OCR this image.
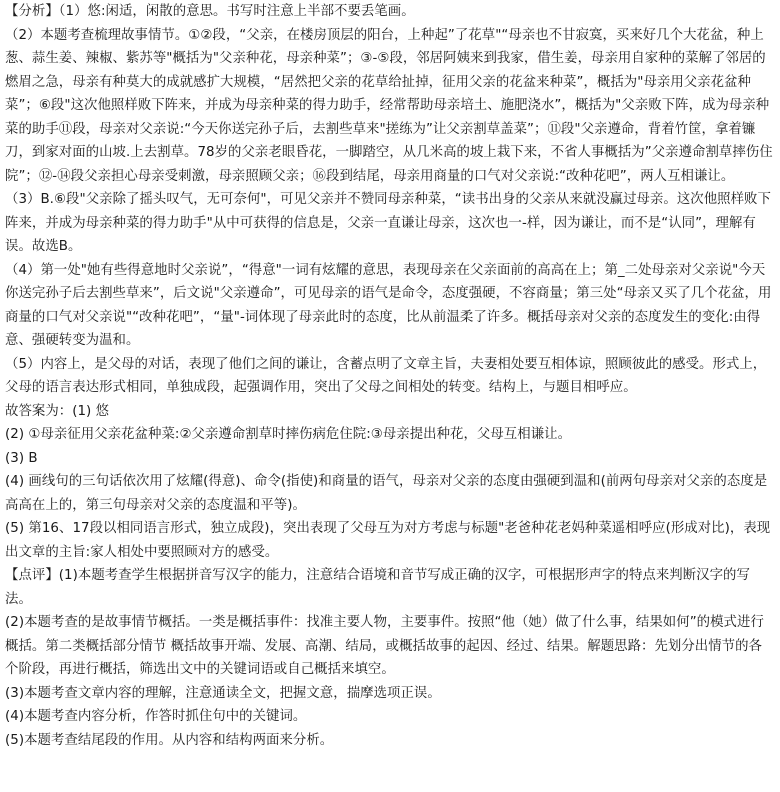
【分析】（1）悠:闲适，闲散的意思。书写时注意上半部不要丢笔画。

（2）本题考查梳理故事情节。①②段，“父亲，在楼房顶层的阳台，上种起”了花草"“母亲也不甘寂寞，买来好几个大花盆，种上葱、蒜生姜、辣椒、紫苏等"概括为"父亲种花，母亲种菜”；③-⑤段，邻居阿姨来到我家，借生姜，母亲用自家种的菜解了邻居的燃眉之急，母亲有种莫大的成就感扩大规模，“居然把父亲的花草给扯掉，征用父亲的花盆来种菜”，概括为"母亲用父亲花盆种菜”；⑥段"这次他照样败下阵来，并成为母亲种菜的得力助手，经常帮助母亲培土、施肥浇水”，概括为"父亲败下阵，成为母亲种菜的助手⑪段，母亲对父亲说:“今天你送完孙子后，去割些草来"搓练为”让父亲割草盖菜”；⑪段"父亲遵命，背着竹筐，拿着镰刀，到家对面的山坡.上去割草。78岁的父亲老眼昏花，一脚踏空，从几米高的坡上栽下来，不省人事概括为”父亲遵命割草摔伤住院”；⑫-⑭段父亲担心母亲受刺激，母亲照顾父亲；⑯段到结尾，母亲用商量的口气对父亲说:“改种花吧”，两人互相谦让。

（3）B.⑥段"父亲除了摇头叹气，无可奈何"，可见父亲并不赞同母亲种菜，“读书出身的父亲从来就没赢过母亲。这次他照样败下阵来，并成为母亲种菜的得力助手"从中可获得的信息是，父亲一直谦让母亲，这次也一-样，因为谦让，而不是“认同”，理解有误。故选B。

（4）第一处"她有些得意地时父亲说”，“得意"一词有炫耀的意思，表现母亲在父亲面前的高高在上；第_二处母亲对父亲说"今天你送完孙子后去割些草来”，后文说"父亲遵命”，可见母亲的语气是命令，态度强硬，不容商量；第三处“母亲又买了几个花盆，用商量的口气对父亲说"“改种花吧”，“量"-词体现了母亲此时的态度，比从前温柔了许多。概括母亲对父亲的态度发生的变化:由得意、强硬转变为温和。

（5）内容上，是父母的对话，表现了他们之间的谦让，含蓄点明了文章主旨，夫妻相处要互相体谅，照顾彼此的感受。形式上，父母的语言表达形式相同，单独成段，起强调作用，突出了父母之间相处的转变。结构上，与题目相呼应。

故答案为：(1) 悠

(2) ①母亲征用父亲花盆种菜:②父亲遵命割草时摔伤病危住院:③母亲提出种花，父母互相谦让。

(3) B

(4) 画线句的三句话依次用了炫耀(得意)、命令(指使)和商量的语气，母亲对父亲的态度由强硬到温和(前两句母亲对父亲的态度是高高在上的，第三句母亲对父亲的态度温和平等)。

(5) 第16、17段以相同语言形式，独立成段)，突出表现了父母互为对方考虑与标题"老爸种花老妈种菜遥相呼应(形成对比)，表现出文章的主旨:家人相处中要照顾对方的感受。

【点评】(1)本题考查学生根据拼音写汉字的能力，注意结合语境和音节写成正确的汉字，可根据形声字的特点来判断汉字的写法。

(2)本题考查的是故事情节概括。一类是概括事件：找准主要人物，主要事件。按照“他（她）做了什么事，结果如何”的模式进行概括。第二类概括部分情节 概括故事开端、发展、高潮、结局，或概括故事的起因、经过、结果。解题思路：先划分出情节的各个阶段，再进行概括，筛选出文中的关键词语或自己概括来填空。

(3)本题考查文章内容的理解，注意通读全文，把握文意，揣摩选项正误。

(4)本题考查内容分析，作答时抓住句中的关键词。

(5)本题考查结尾段的作用。从内容和结构两面来分析。
